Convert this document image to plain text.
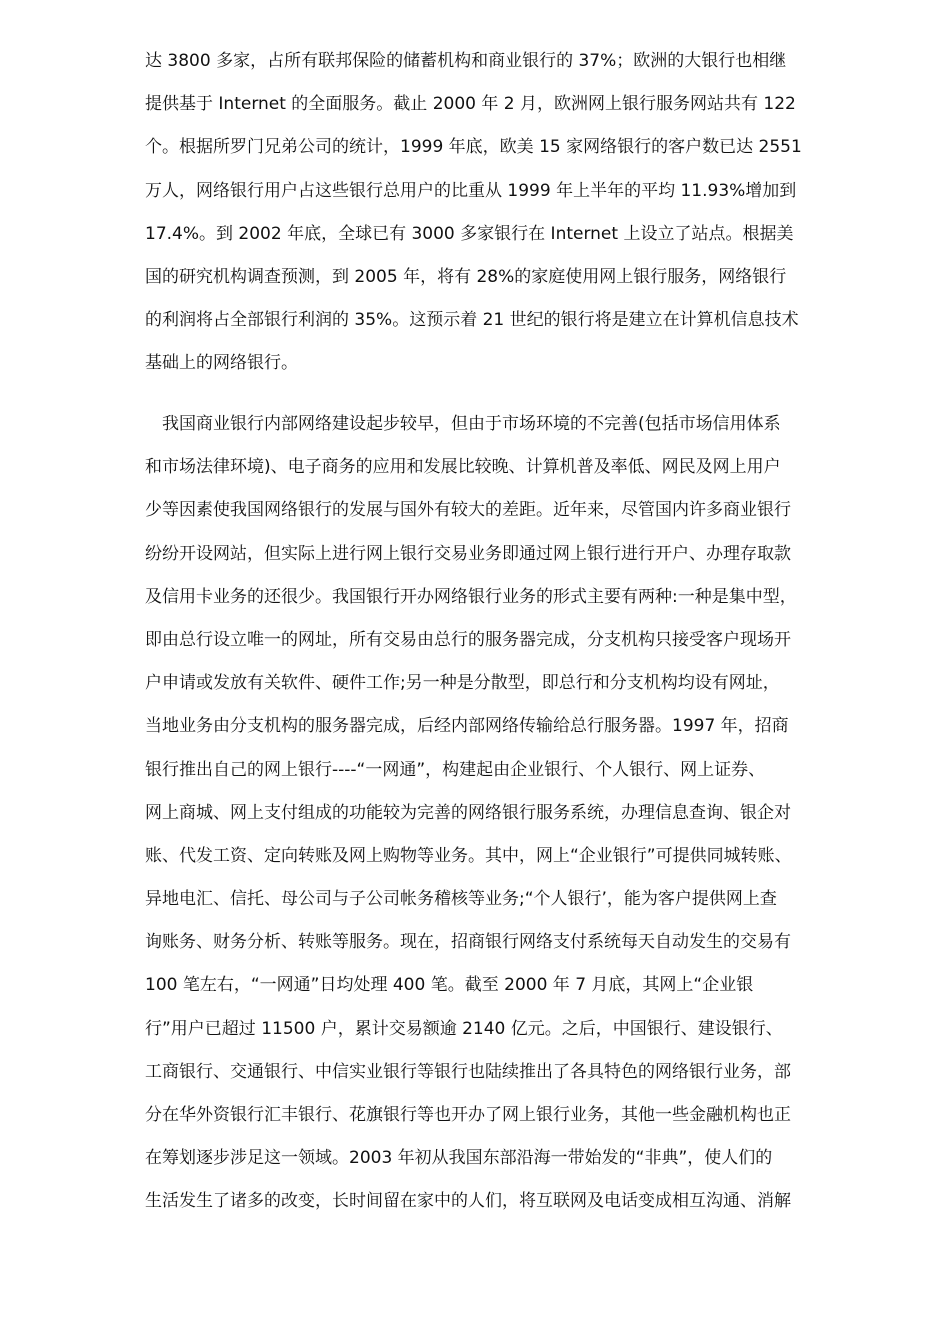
达 3800 多家，占所有联邦保险的储蓄机构和商业银行的 37%；欧洲的大银行也相继
提供基于 Internet 的全面服务。截止 2000 年 2 月，欧洲网上银行服务网站共有 122
个。根据所罗门兄弟公司的统计，1999 年底，欧美 15 家网络银行的客户数已达 2551
万人，网络银行用户占这些银行总用户的比重从 1999 年上半年的平均 11.93%增加到
17.4%。到 2002 年底，全球已有 3000 多家银行在 Internet 上设立了站点。根据美
国的研究机构调查预测，到 2005 年，将有 28%的家庭使用网上银行服务，网络银行
的利润将占全部银行利润的 35%。这预示着 21 世纪的银行将是建立在计算机信息技术
基础上的网络银行。
　我国商业银行内部网络建设起步较早，但由于市场环境的不完善(包括市场信用体系
和市场法律环境)、电子商务的应用和发展比较晚、计算机普及率低、网民及网上用户
少等因素使我国网络银行的发展与国外有较大的差距。近年来，尽管国内许多商业银行
纷纷开设网站，但实际上进行网上银行交易业务即通过网上银行进行开户、办理存取款
及信用卡业务的还很少。我国银行开办网络银行业务的形式主要有两种:一种是集中型，
即由总行设立唯一的网址，所有交易由总行的服务器完成，分支机构只接受客户现场开
户申请或发放有关软件、硬件工作;另一种是分散型，即总行和分支机构均设有网址，
当地业务由分支机构的服务器完成，后经内部网络传输给总行服务器。1997 年，招商
银行推出自己的网上银行----“一网通”，构建起由企业银行、个人银行、网上证券、
网上商城、网上支付组成的功能较为完善的网络银行服务系统，办理信息查询、银企对
账、代发工资、定向转账及网上购物等业务。其中，网上“企业银行”可提供同城转账、
异地电汇、信托、母公司与子公司帐务稽核等业务;“个人银行’，能为客户提供网上查
询账务、财务分析、转账等服务。现在，招商银行网络支付系统每天自动发生的交易有
100 笔左右，“一网通”日均处理 400 笔。截至 2000 年 7 月底，其网上“企业银
行”用户已超过 11500 户，累计交易额逾 2140 亿元。之后，中国银行、建设银行、
工商银行、交通银行、中信实业银行等银行也陆续推出了各具特色的网络银行业务，部
分在华外资银行汇丰银行、花旗银行等也开办了网上银行业务，其他一些金融机构也正
在筹划逐步涉足这一领域。2003 年初从我国东部沿海一带始发的“非典”，使人们的
生活发生了诸多的改变，长时间留在家中的人们，将互联网及电话变成相互沟通、消解
